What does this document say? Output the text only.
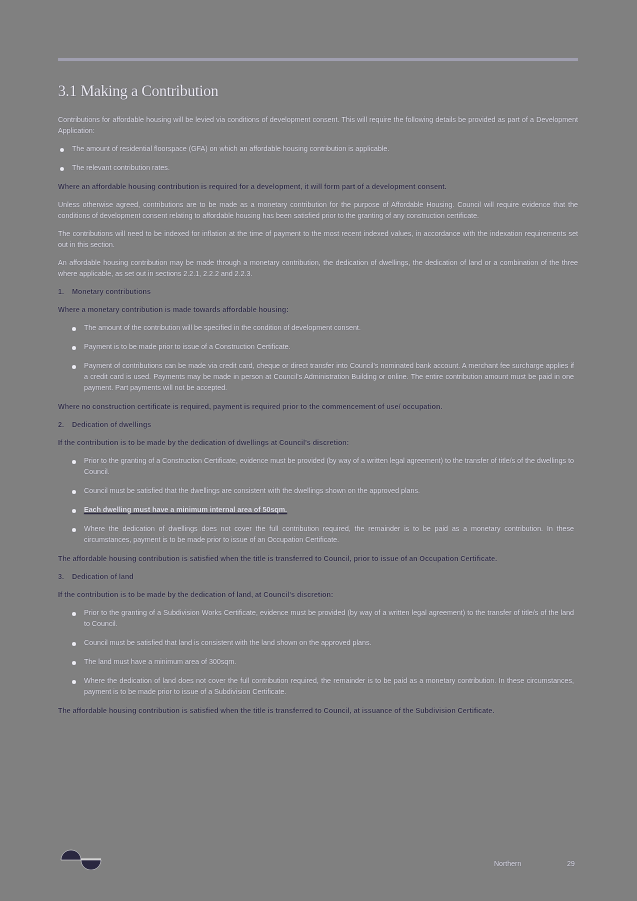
3.1 Making a Contribution

Contributions for affordable housing will be levied via conditions of development consent. This will require the following details be provided as part of a Development Application:

The amount of residential floorspace (GFA) on which an affordable housing contribution is applicable.
The relevant contribution rates.

Where an affordable housing contribution is required for a development, it will form part of a development consent.

Unless otherwise agreed, contributions are to be made as a monetary contribution for the purpose of Affordable Housing. Council will require evidence that the conditions of development consent relating to affordable housing has been satisfied prior to the granting of any construction certificate.

The contributions will need to be indexed for inflation at the time of payment to the most recent indexed values, in accordance with the indexation requirements set out in this section.

An affordable housing contribution may be made through a monetary contribution, the dedication of dwellings, the dedication of land or a combination of the three where applicable, as set out in sections 2.2.1, 2.2.2 and 2.2.3.

1.	Monetary contributions

Where a monetary contribution is made towards affordable housing:

The amount of the contribution will be specified in the condition of development consent.
Payment is to be made prior to issue of a Construction Certificate.
Payment of contributions can be made via credit card, cheque or direct transfer into Council's nominated bank account. A merchant fee surcharge applies if a credit card is used. Payments may be made in person at Council's Administration Building or online. The entire contribution amount must be paid in one payment. Part payments will not be accepted.

Where no construction certificate is required, payment is required prior to the commencement of use/ occupation.

2.	Dedication of dwellings

If the contribution is to be made by the dedication of dwellings at Council's discretion:

Prior to the granting of a Construction Certificate, evidence must be provided (by way of a written legal agreement) to the transfer of title/s of the dwellings to Council.
Council must be satisfied that the dwellings are consistent with the dwellings shown on the approved plans.
Each dwelling must have a minimum internal area of 50sqm.
Where the dedication of dwellings does not cover the full contribution required, the remainder is to be paid as a monetary contribution. In these circumstances, payment is to be made prior to issue of an Occupation Certificate.

The affordable housing contribution is satisfied when the title is transferred to Council, prior to issue of an Occupation Certificate.

3.	Dedication of land

If the contribution is to be made by the dedication of land, at Council's discretion:

Prior to the granting of a Subdivision Works Certificate, evidence must be provided (by way of a written legal agreement) to the transfer of title/s of the land to Council.
Council must be satisfied that land is consistent with the land shown on the approved plans.
The land must have a minimum area of 300sqm.
Where the dedication of land does not cover the full contribution required, the remainder is to be paid as a monetary contribution. In these circumstances, payment is to be made prior to issue of a Subdivision Certificate.

The affordable housing contribution is satisfied when the title is transferred to Council, at issuance of the Subdivision Certificate.

Northern	29
